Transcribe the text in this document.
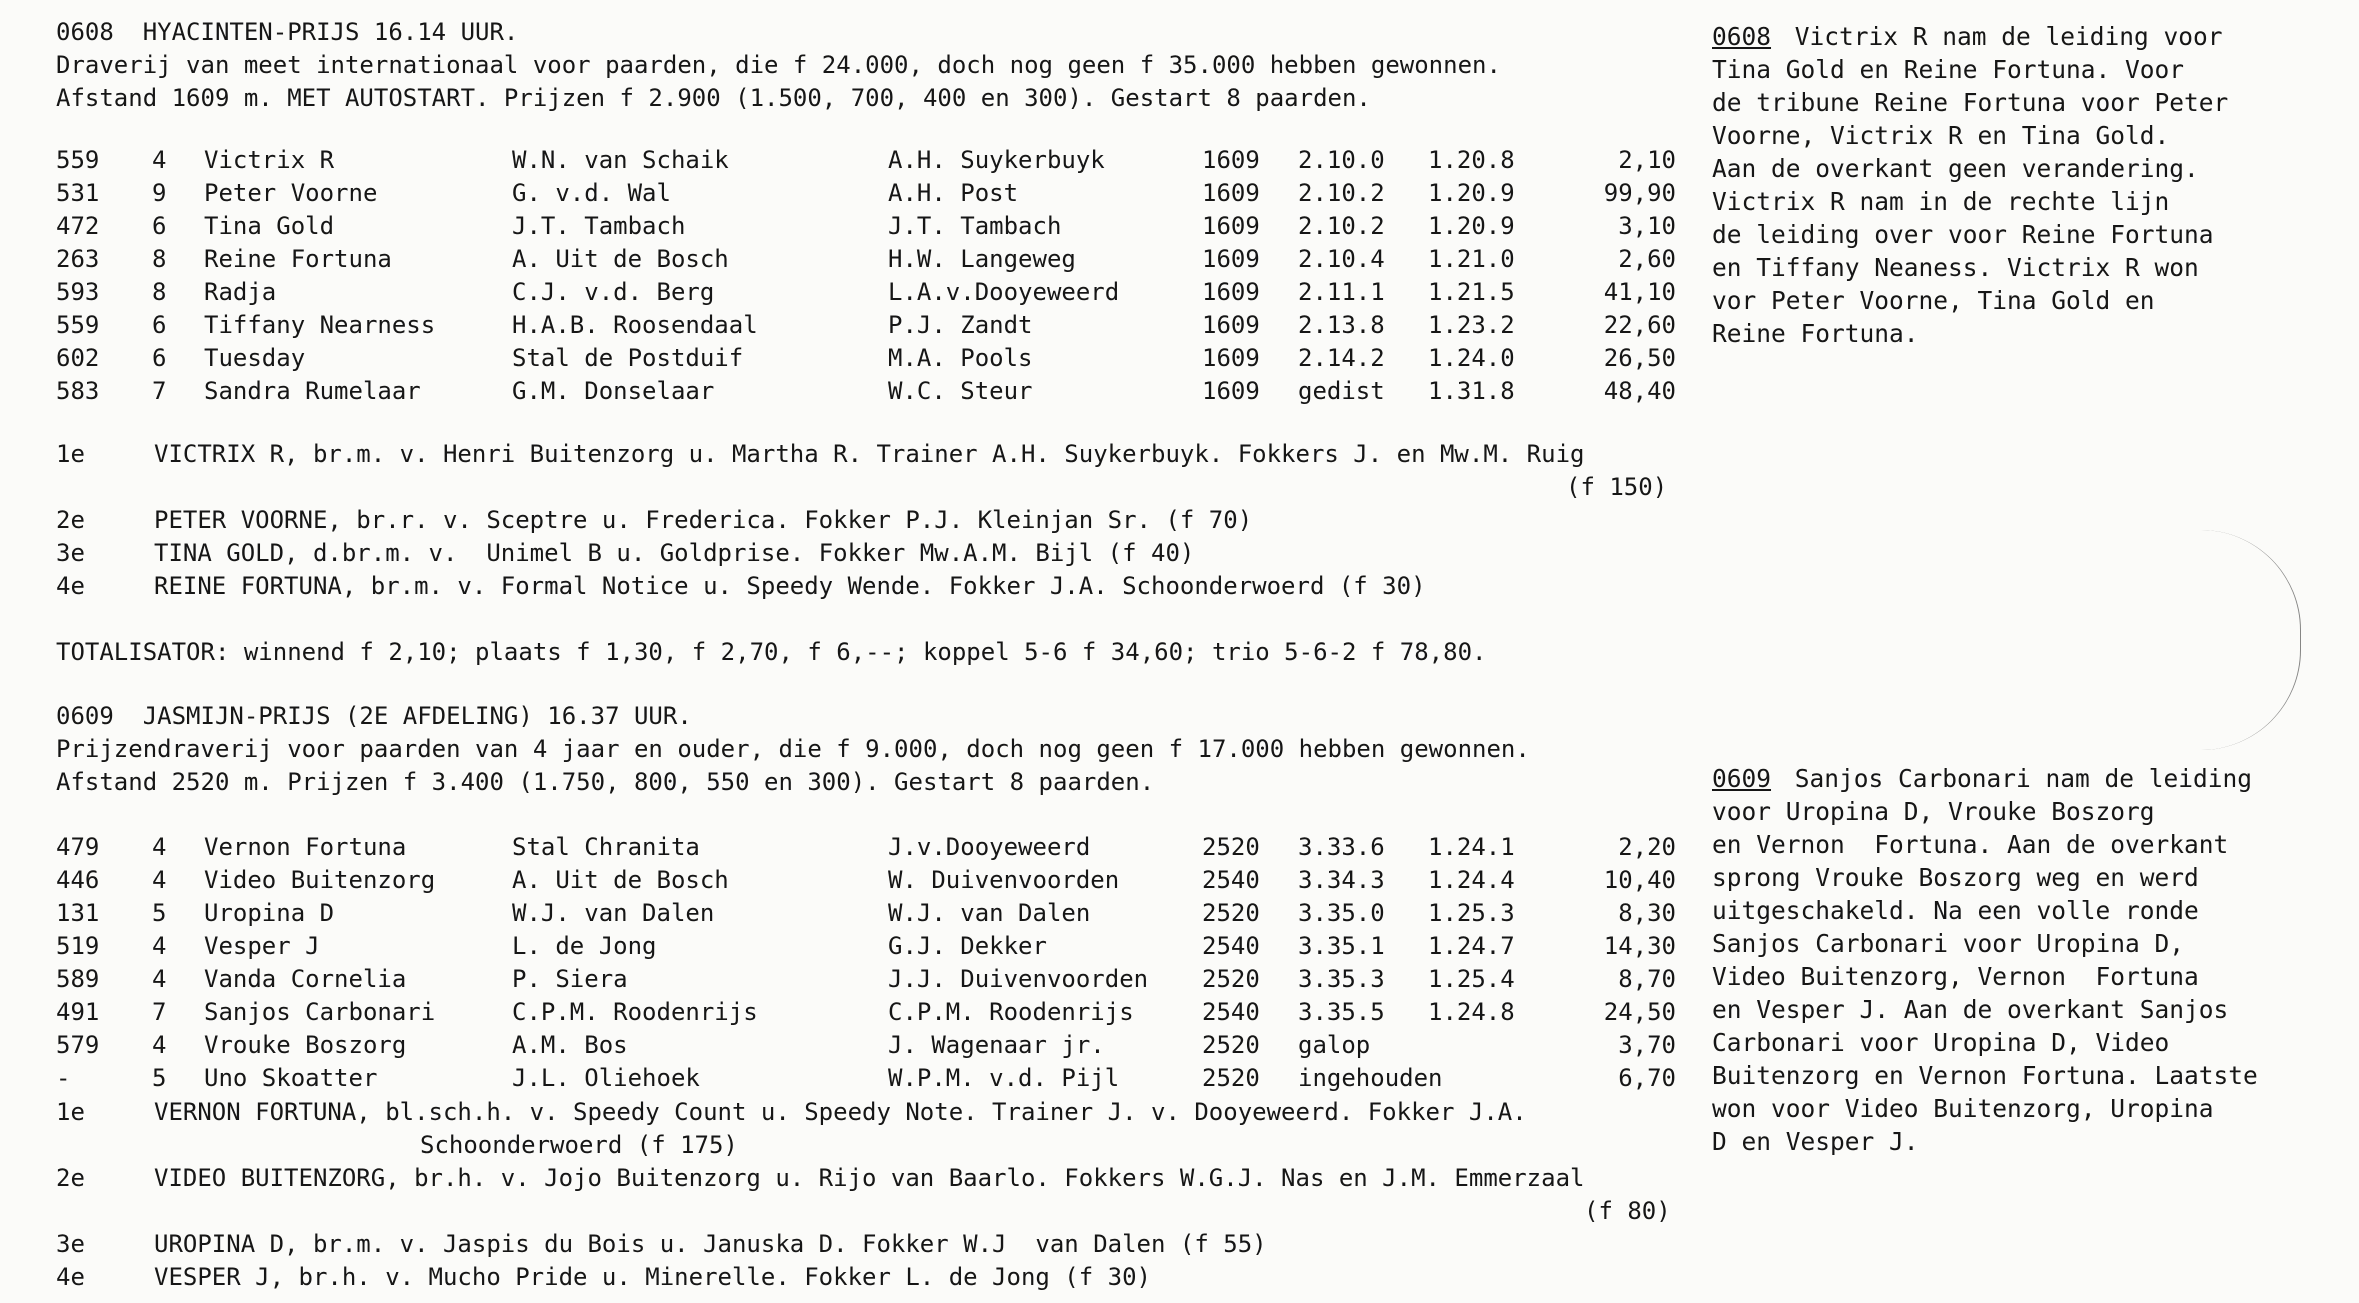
0608  HYACINTEN-PRIJS 16.14 UUR.
Draverij van meet internationaal voor paarden, die f 24.000, doch nog geen f 35.000 hebben gewonnen.
Afstand 1609 m. MET AUTOSTART. Prijzen f 2.900 (1.500, 700, 400 en 300). Gestart 8 paarden.
559 4 Victrix R	W.N. van Schaik	A.H. Suykerbuyk	1609 2.10.0 1.20.8	2,10
531 9 Peter Voorne	G. v.d. Wal	A.H. Post	1609 2.10.2 1.20.9	99,90
472 6 Tina Gold	J.T. Tambach	J.T. Tambach	1609 2.10.2 1.20.9	3,10
263 8 Reine Fortuna	A. Uit de Bosch	H.W. Langeweg	1609 2.10.4 1.21.0	2,60
593 8 Radja	C.J. v.d. Berg	L.A.v.Dooyeweerd	1609 2.11.1 1.21.5	41,10
559 6 Tiffany Nearness	H.A.B. Roosendaal	P.J. Zandt	1609 2.13.8 1.23.2	22,60
602 6 Tuesday	Stal de Postduif	M.A. Pools	1609 2.14.2 1.24.0	26,50
583 7 Sandra Rumelaar	G.M. Donselaar	W.C. Steur	1609 gedist 1.31.8	48,40
1e	VICTRIX R, br.m. v. Henri Buitenzorg u. Martha R. Trainer A.H. Suykerbuyk. Fokkers J. en Mw.M. Ruig
(f 150)
2e	PETER VOORNE, br.r. v. Sceptre u. Frederica. Fokker P.J. Kleinjan Sr. (f 70)
3e	TINA GOLD, d.br.m. v.  Unimel B u. Goldprise. Fokker Mw.A.M. Bijl (f 40)
4e	REINE FORTUNA, br.m. v. Formal Notice u. Speedy Wende. Fokker J.A. Schoonderwoerd (f 30)
TOTALISATOR: winnend f 2,10; plaats f 1,30, f 2,70, f 6,--; koppel 5-6 f 34,60; trio 5-6-2 f 78,80.
0609  JASMIJN-PRIJS (2E AFDELING) 16.37 UUR.
Prijzendraverij voor paarden van 4 jaar en ouder, die f 9.000, doch nog geen f 17.000 hebben gewonnen.
Afstand 2520 m. Prijzen f 3.400 (1.750, 800, 550 en 300). Gestart 8 paarden.
479 4 Vernon Fortuna	Stal Chranita	J.v.Dooyeweerd	2520 3.33.6 1.24.1	2,20
446 4 Video Buitenzorg	A. Uit de Bosch	W. Duivenvoorden	2540 3.34.3 1.24.4	10,40
131 5 Uropina D	W.J. van Dalen	W.J. van Dalen	2520 3.35.0 1.25.3	8,30
519 4 Vesper J	L. de Jong	G.J. Dekker	2540 3.35.1 1.24.7	14,30
589 4 Vanda Cornelia	P. Siera	J.J. Duivenvoorden 2520 3.35.3 1.25.4	8,70
491 7 Sanjos Carbonari	C.P.M. Roodenrijs	C.P.M. Roodenrijs	2540 3.35.5 1.24.8	24,50
579 4 Vrouke Boszorg	A.M. Bos	J. Wagenaar jr.	2520 galop	3,70
-	5 Uno Skoatter	J.L. Oliehoek	W.P.M. v.d. Pijl	2520 ingehouden	6,70
1e	VERNON FORTUNA, bl.sch.h. v. Speedy Count u. Speedy Note. Trainer J. v. Dooyeweerd. Fokker J.A.
Schoonderwoerd (f 175)
2e	VIDEO BUITENZORG, br.h. v. Jojo Buitenzorg u. Rijo van Baarlo. Fokkers W.G.J. Nas en J.M. Emmerzaal
(f 80)
3e	UROPINA D, br.m. v. Jaspis du Bois u. Januska D. Fokker W.J  van Dalen (f 55)
4e	VESPER J, br.h. v. Mucho Pride u. Minerelle. Fokker L. de Jong (f 30)
0608 Victrix R nam de leiding voor
Tina Gold en Reine Fortuna. Voor
de tribune Reine Fortuna voor Peter
Voorne, Victrix R en Tina Gold.
Aan de overkant geen verandering.
Victrix R nam in de rechte lijn
de leiding over voor Reine Fortuna
en Tiffany Neaness. Victrix R won
vor Peter Voorne, Tina Gold en
Reine Fortuna.
0609 Sanjos Carbonari nam de leiding
voor Uropina D, Vrouke Boszorg
en Vernon  Fortuna. Aan de overkant
sprong Vrouke Boszorg weg en werd
uitgeschakeld. Na een volle ronde
Sanjos Carbonari voor Uropina D,
Video Buitenzorg, Vernon  Fortuna
en Vesper J. Aan de overkant Sanjos
Carbonari voor Uropina D, Video
Buitenzorg en Vernon Fortuna. Laatste
won voor Video Buitenzorg, Uropina
D en Vesper J.
